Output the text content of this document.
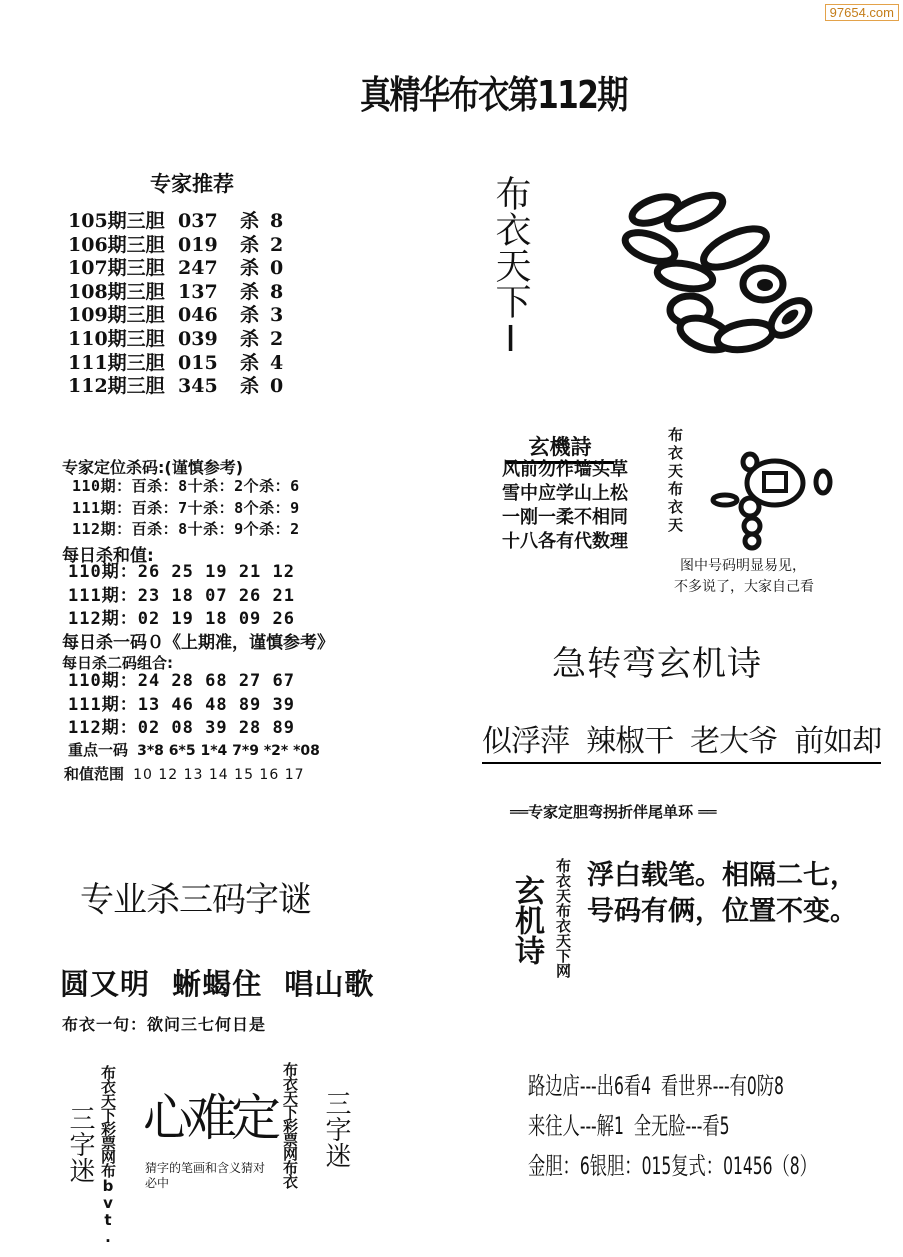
97654.com
真精华布衣第112期
专家推荐
105期三胆 037 杀 8
106期三胆 019 杀 2
107期三胆 247 杀 0
108期三胆 137 杀 8
109期三胆 046 杀 3
110期三胆 039 杀 2
111期三胆 015 杀 4
112期三胆 345 杀 0
专家定位杀码:(谨慎参考)
110期：百杀：8十杀：2个杀：6
111期：百杀：7十杀：8个杀：9
112期：百杀：8十杀：9个杀：2
每日杀和值:
110期：26 25 19 21 12
111期：23 18 07 26 21
112期：02 19 18 09 26
每日杀一码０《上期准，谨慎参考》
每日杀二码组合:
110期：24 28 68 27 67
111期：13 46 48 89 39
112期：02 08 39 28 89
重点一码 3*8 6*5 1*4 7*9 *2* *08
和值范围 10 12 13 14 15 16 17
专业杀三码字谜
圆又明  蜥蝎住  唱山歌
布衣一句：欲问三七何日是
三字迷 布衣天下彩票网布bvt. 心难定
猜字的笔画和含义猜对必中	布衣天下彩票网布衣 三字迷
布衣天下I
玄機詩
风前勿作墙头草
雪中应学山上松
一刚一柔不相同
十八各有代数理
布衣天布衣天
图中号码明显易见，
不多说了，大家自己看
急转弯玄机诗
似浮萍  辣椒干  老大爷  前如却
══专家定胆弯拐折伴尾单环 ══
玄机诗 布衣天布衣天下网 浮白载笔。相隔二七，
号码有俩，位置不变。
路边店---出6看4  看世界---有0防8
来往人---解1  全无脸---看5
金胆：6银胆：015复式：01456（8）
